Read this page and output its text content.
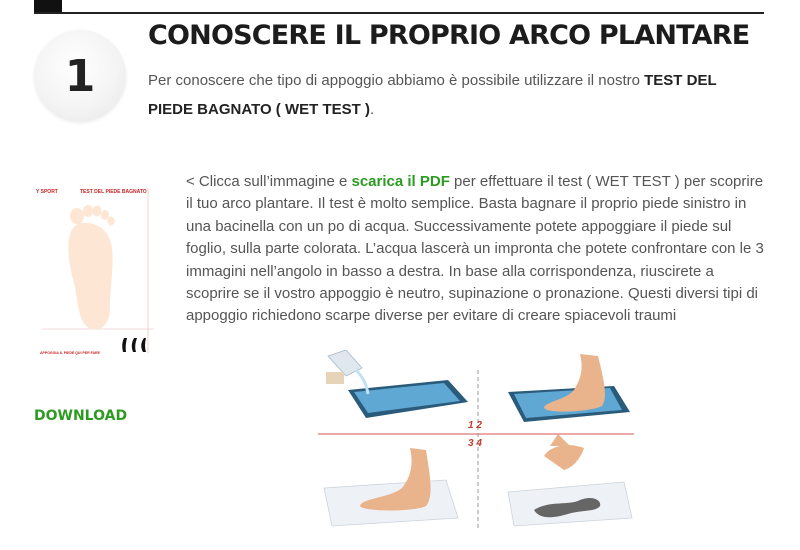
1
CONOSCERE IL PROPRIO ARCO PLANTARE

Per conoscere che tipo di appoggio abbiamo è possibile utilizzare il nostro TEST DEL PIEDE BAGNATO ( WET TEST ).

Y SPORT	TEST DEL PIEDE BAGNATO
APPOGGIA IL PIEDE QUI PER FARE
DOWNLOAD

< Clicca sull’immagine e scarica il PDF per effettuare il test ( WET TEST ) per scoprire il tuo arco plantare. Il test è molto semplice. Basta bagnare il proprio piede sinistro in una bacinella con un po di acqua. Successivamente potete appoggiare il piede sul foglio, sulla parte colorata. L’acqua lascerà un impronta che potete confrontare con le 3 immagini nell’angolo in basso a destra. In base alla corrispondenza, riuscirete a scoprire se il vostro appoggio è neutro, supinazione o pronazione. Questi diversi tipi di appoggio richiedono scarpe diverse per evitare di creare spiacevoli traumi

1 2
3 4
